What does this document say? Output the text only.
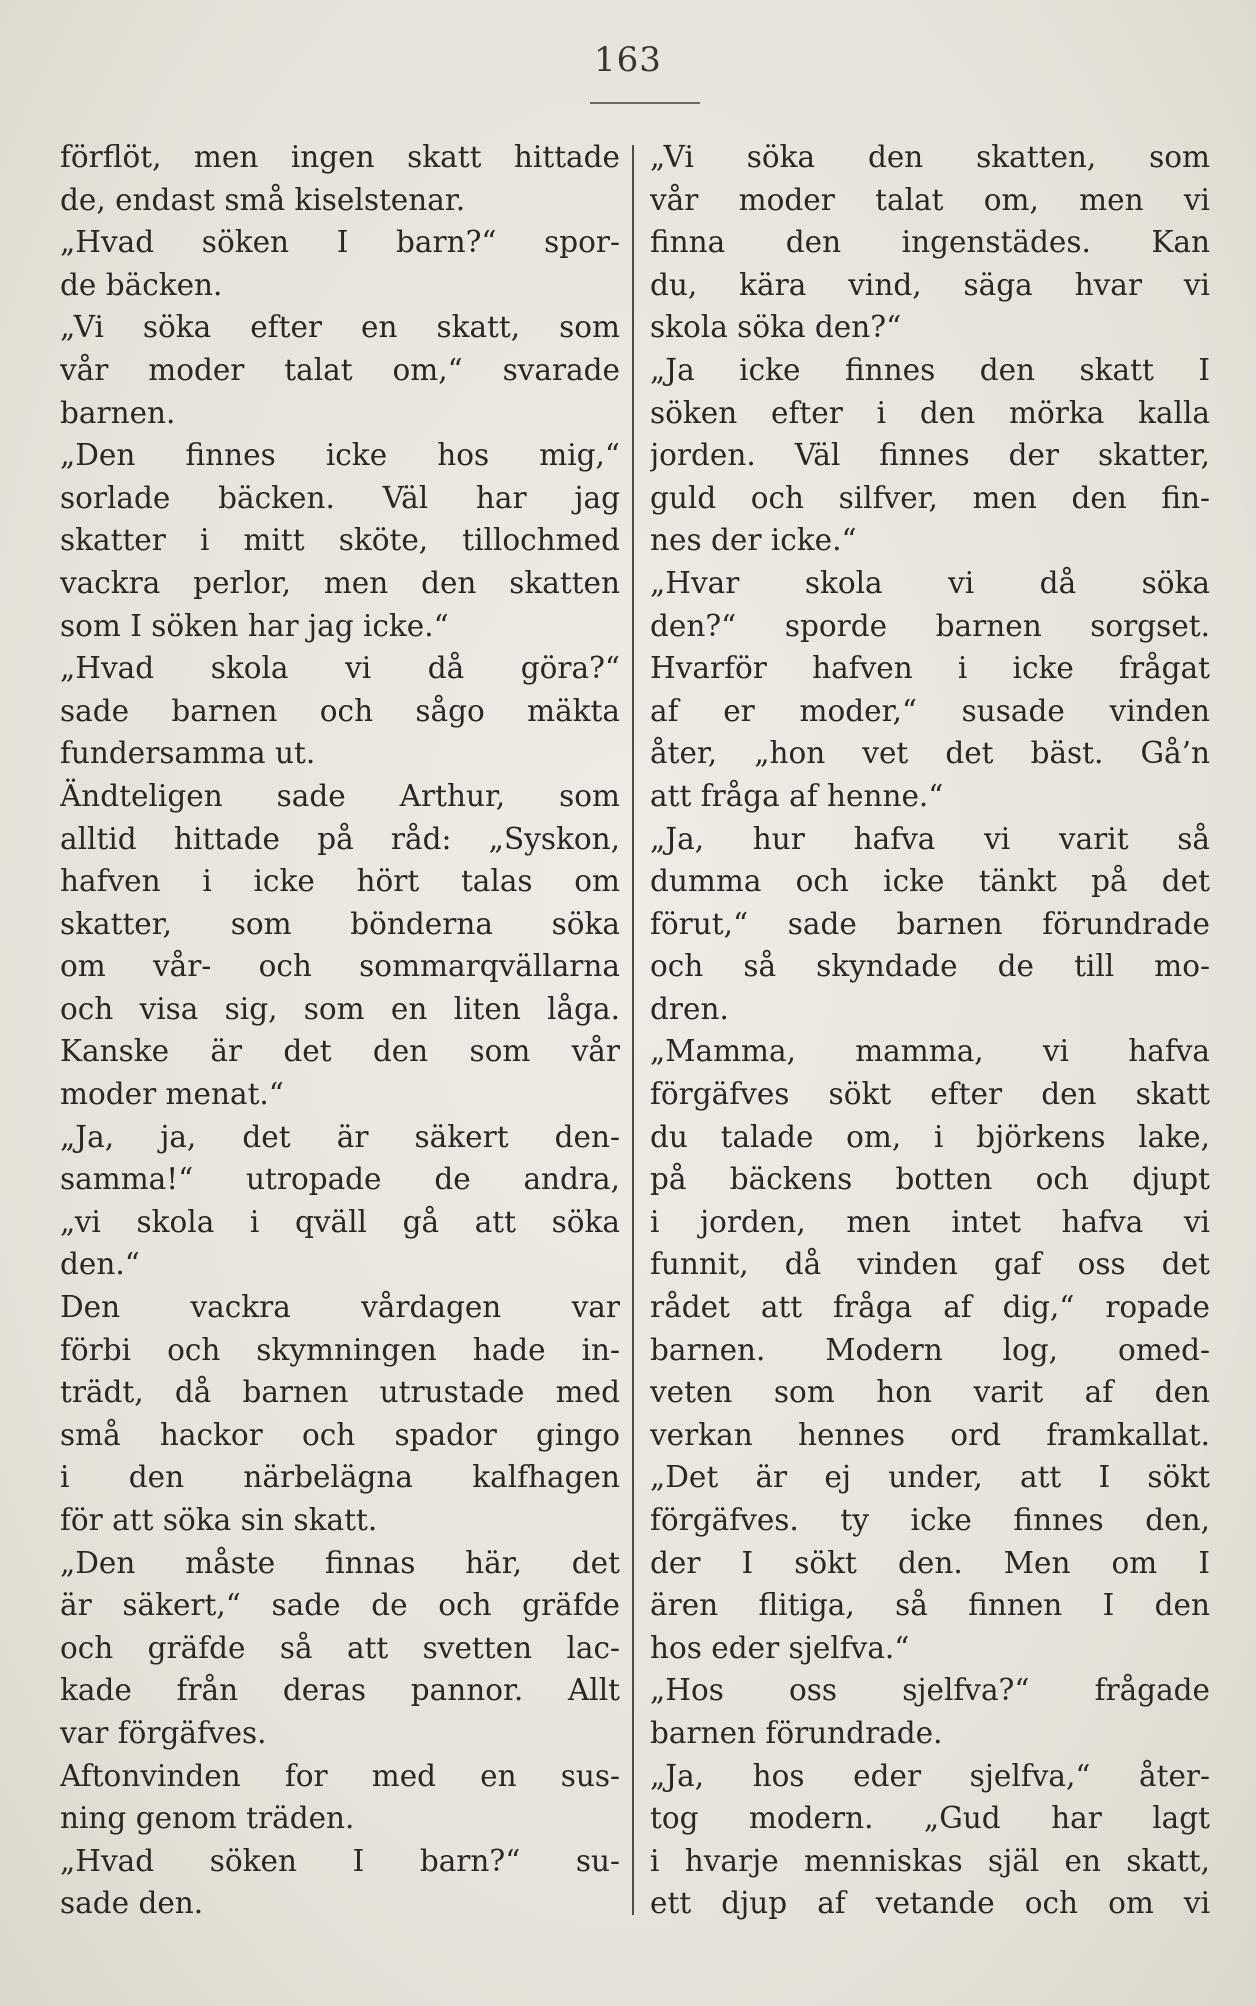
163
förflöt, men ingen skatt hittade
de, endast små kiselstenar.
„Hvad söken I barn?“ spor-
de bäcken.
„Vi söka efter en skatt, som
vår moder talat om,“ svarade
barnen.
„Den finnes icke hos mig,“
sorlade bäcken. Väl har jag
skatter i mitt sköte, tillochmed
vackra perlor, men den skatten
som I söken har jag icke.“
„Hvad skola vi då göra?“
sade barnen och sågo mäkta
fundersamma ut.
Ändteligen sade Arthur, som
alltid hittade på råd: „Syskon,
hafven i icke hört talas om
skatter, som bönderna söka
om vår- och sommarqvällarna
och visa sig, som en liten låga.
Kanske är det den som vår
moder menat.“
„Ja, ja, det är säkert den-
samma!“ utropade de andra,
„vi skola i qväll gå att söka
den.“
Den vackra vårdagen var
förbi och skymningen hade in-
trädt, då barnen utrustade med
små hackor och spador gingo
i den närbelägna kalfhagen
för att söka sin skatt.
„Den måste finnas här, det
är säkert,“ sade de och gräfde
och gräfde så att svetten lac-
kade från deras pannor. Allt
var förgäfves.
Aftonvinden for med en sus-
ning genom träden.
„Hvad söken I barn?“ su-
sade den.
„Vi söka den skatten, som
vår moder talat om, men vi
finna den ingenstädes. Kan
du, kära vind, säga hvar vi
skola söka den?“
„Ja icke finnes den skatt I
söken efter i den mörka kalla
jorden. Väl finnes der skatter,
guld och silfver, men den fin-
nes der icke.“
„Hvar skola vi då söka
den?“ sporde barnen sorgset.
Hvarför hafven i icke frågat
af er moder,“ susade vinden
åter, „hon vet det bäst. Gå’n
att fråga af henne.“
„Ja, hur hafva vi varit så
dumma och icke tänkt på det
förut,“ sade barnen förundrade
och så skyndade de till mo-
dren.
„Mamma, mamma, vi hafva
förgäfves sökt efter den skatt
du talade om, i björkens lake,
på bäckens botten och djupt
i jorden, men intet hafva vi
funnit, då vinden gaf oss det
rådet att fråga af dig,“ ropade
barnen. Modern log, omed-
veten som hon varit af den
verkan hennes ord framkallat.
„Det är ej under, att I sökt
förgäfves. ty icke finnes den,
der I sökt den. Men om I
ären flitiga, så finnen I den
hos eder sjelfva.“
„Hos oss sjelfva?“ frågade
barnen förundrade.
„Ja, hos eder sjelfva,“ åter-
tog modern. „Gud har lagt
i hvarje menniskas själ en skatt,
ett djup af vetande och om vi
